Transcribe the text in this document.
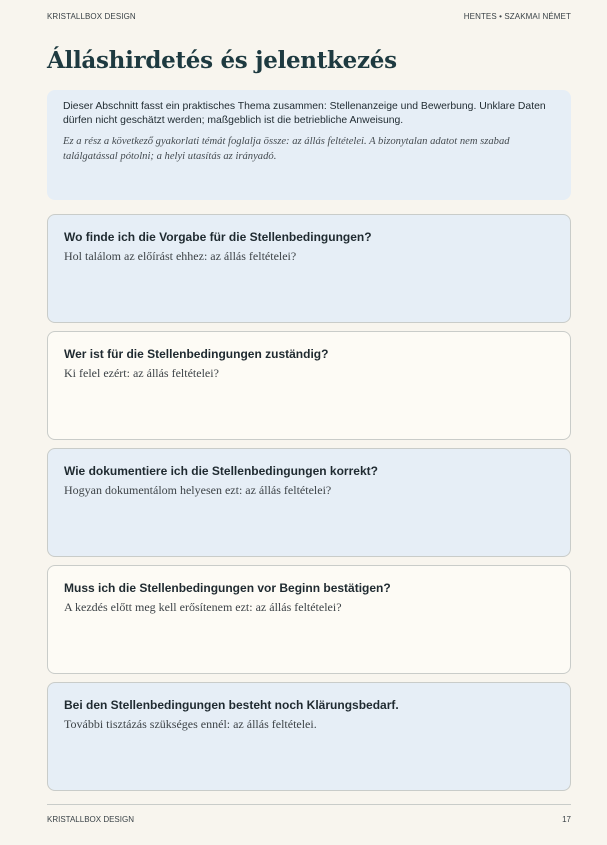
KRISTALLBOX DESIGN	HENTES • SZAKMAI NÉMET
Álláshirdetés és jelentkezés

Dieser Abschnitt fasst ein praktisches Thema zusammen: Stellenanzeige und Bewerbung. Unklare Daten dürfen nicht geschätzt werden; maßgeblich ist die betriebliche Anweisung.

Ez a rész a következő gyakorlati témát foglalja össze: az állás feltételei. A bizonytalan adatot nem szabad találgatással pótolni; a helyi utasítás az irányadó.

Wo finde ich die Vorgabe für die Stellenbedingungen?

Hol találom az előírást ehhez: az állás feltételei?

Wer ist für die Stellenbedingungen zuständig?

Ki felel ezért: az állás feltételei?

Wie dokumentiere ich die Stellenbedingungen korrekt?

Hogyan dokumentálom helyesen ezt: az állás feltételei?

Muss ich die Stellenbedingungen vor Beginn bestätigen?

A kezdés előtt meg kell erősítenem ezt: az állás feltételei?

Bei den Stellenbedingungen besteht noch Klärungsbedarf.

További tisztázás szükséges ennél: az állás feltételei.

KRISTALLBOX DESIGN	17
